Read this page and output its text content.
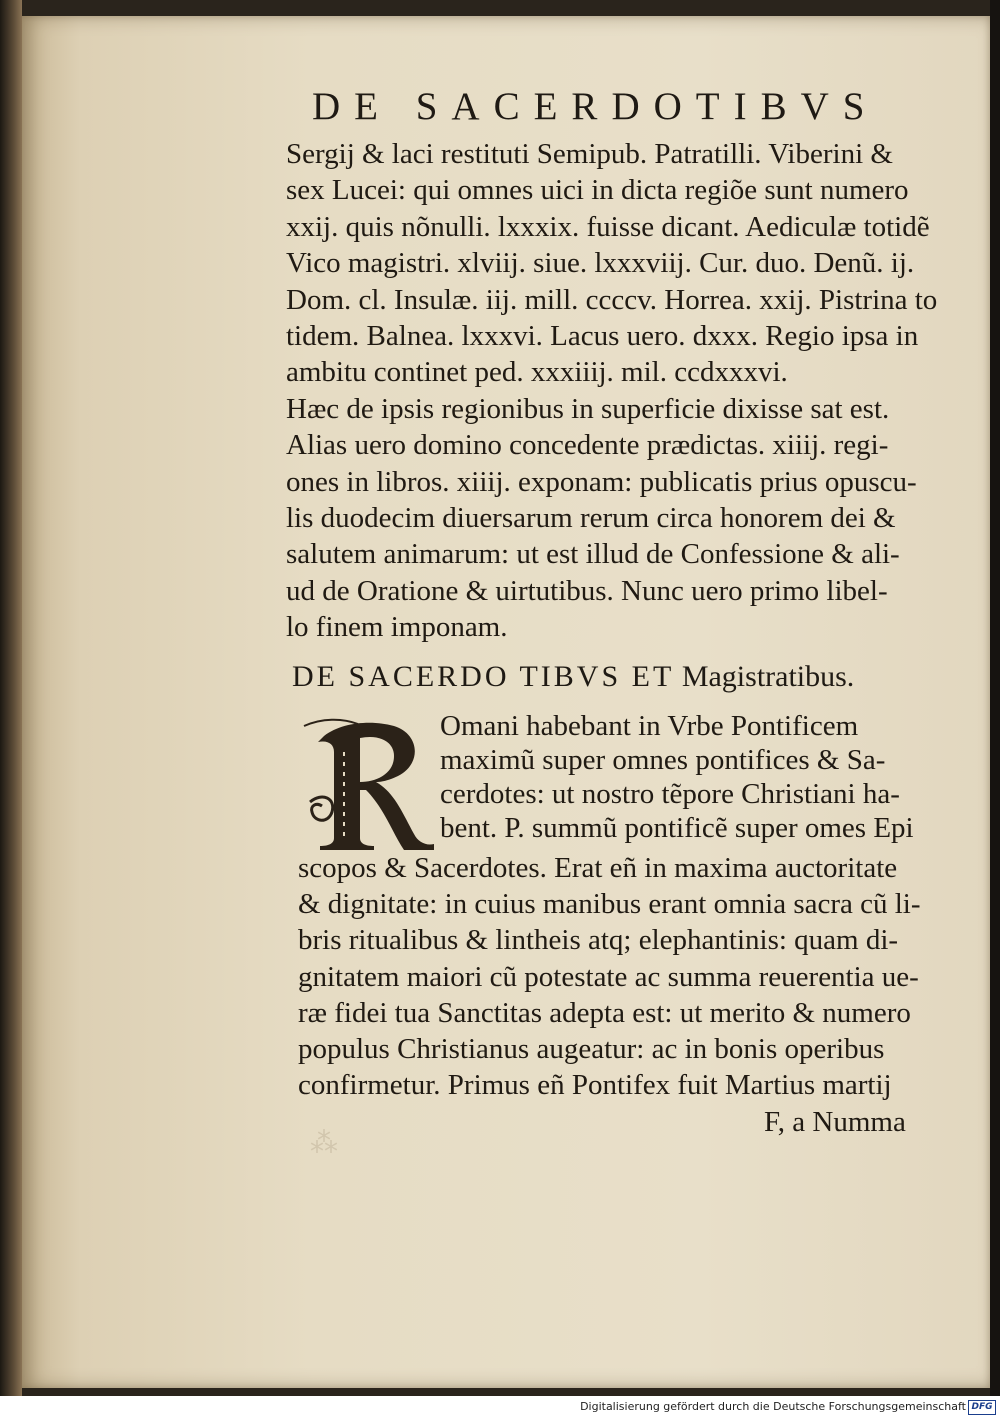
DE SACERDOTIBVS
Sergij & laci restituti Semipub. Patratilli. Viberini &
sex Lucei: qui omnes uici in dicta regiõe sunt numero
xxij. quis nõnulli. lxxxix. fuisse dicant. Aediculæ totidẽ
Vico magistri. xlviij. siue. lxxxviij. Cur. duo. Denũ. ij.
Dom. cl. Insulæ. iij. mill. ccccv. Horrea. xxij. Pistrina to
tidem. Balnea. lxxxvi. Lacus uero. dxxx. Regio ipsa in
ambitu continet ped. xxxiiij. mil. ccdxxxvi.
Hæc de ipsis regionibus in superficie dixisse sat est.
Alias uero domino concedente prædictas. xiiij. regi-
ones in libros. xiiij. exponam: publicatis prius opuscu-
lis duodecim diuersarum rerum circa honorem dei &
salutem animarum: ut est illud de Confessione & ali-
ud de Oratione & uirtutibus. Nunc uero primo libel-
lo finem imponam.
DE SACERDO TIBVS ET Magistratibus.
Omani habebant in Vrbe Pontificem
maximũ super omnes pontifices & Sa-
cerdotes: ut nostro tẽpore Christiani ha-
bent. P. summũ pontificẽ super omes Epi
scopos & Sacerdotes. Erat eñ in maxima auctoritate
& dignitate: in cuius manibus erant omnia sacra cũ li-
bris ritualibus & lintheis atq; elephantinis: quam di-
gnitatem maiori cũ potestate ac summa reuerentia ue-
ræ fidei tua Sanctitas adepta est: ut merito & numero
populus Christianus augeatur: ac in bonis operibus
confirmetur. Primus eñ Pontifex fuit Martius martij
F, a Numma
⁂
Digitalisierung gefördert durch die Deutsche Forschungsgemeinschaft DFG
